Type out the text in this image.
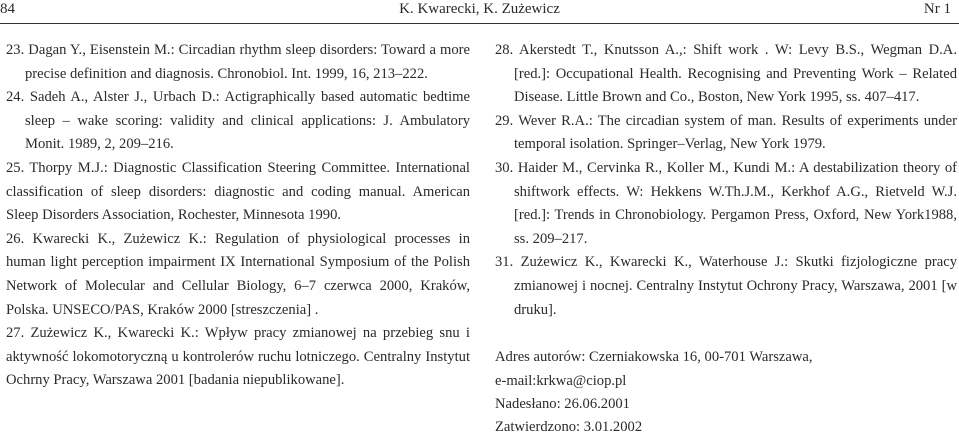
84	K. Kwarecki, K. Zużewicz	Nr 1

23. Dagan Y., Eisenstein M.: Circadian rhythm sleep disorders: Toward a more precise definition and diagnosis. Chronobiol. Int. 1999, 16, 213–222.

24. Sadeh A., Alster J., Urbach D.: Actigraphically based automatic bedtime sleep – wake scoring: validity and clinical applications: J. Ambulatory Monit. 1989, 2, 209–216.

25. Thorpy M.J.: Diagnostic Classification Steering Committee. International classification of sleep disorders: diagnostic and coding manual. American Sleep Disorders Association, Rochester, Minnesota 1990.

26. Kwarecki K., Zużewicz K.: Regulation of physiological processes in human light perception impairment IX International Symposium of the Polish Network of Molecular and Cellular Biology, 6–7 czerwca 2000, Kraków, Polska. UNSECO/PAS, Kraków 2000 [streszczenia] .

27. Zużewicz K., Kwarecki K.: Wpływ pracy zmianowej na przebieg snu i aktywność lokomotoryczną u kontrolerów ruchu lotniczego. Centralny Instytut Ochrny Pracy, Warszawa 2001 [badania niepublikowane].

28. Akerstedt T., Knutsson A.,: Shift work . W: Levy B.S., Wegman D.A. [red.]: Occupational Health. Recognising and Preventing Work – Related Disease. Little Brown and Co., Boston, New York 1995, ss. 407–417.

29. Wever R.A.: The circadian system of man. Results of experiments under temporal isolation. Springer–Verlag, New York 1979.

30. Haider M., Cervinka R., Koller M., Kundi M.: A destabilization theory of shiftwork effects. W: Hekkens W.Th.J.M., Kerkhof A.G., Rietveld W.J. [red.]: Trends in Chronobiology. Pergamon Press, Oxford, New York1988, ss. 209–217.

31. Zużewicz K., Kwarecki K., Waterhouse J.: Skutki fizjologiczne pracy zmianowej i nocnej. Centralny Instytut Ochrony Pracy, Warszawa, 2001 [w druku].

Adres autorów: Czerniakowska 16, 00-701 Warszawa,
e-mail:krkwa@ciop.pl
Nadesłano: 26.06.2001
Zatwierdzono: 3.01.2002
